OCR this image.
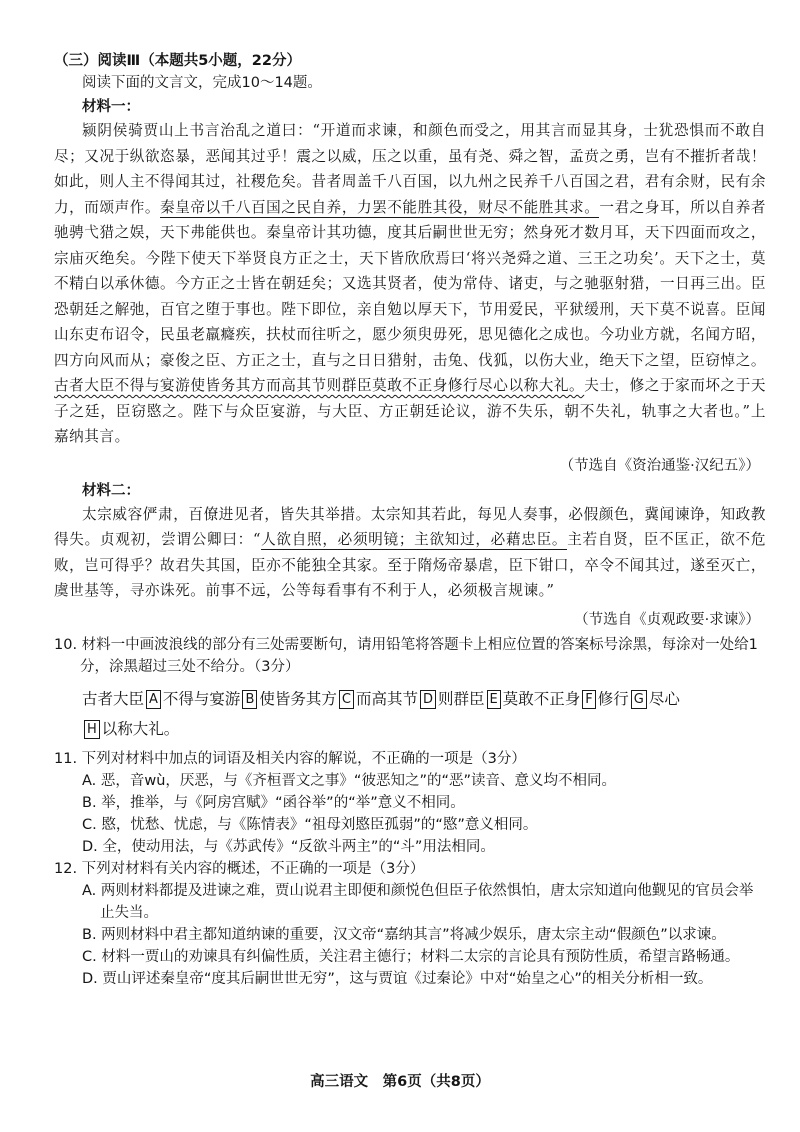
（三）阅读Ⅲ（本题共5小题，22分）
阅读下面的文言文，完成10～14题。
材料一：

颍阴侯骑贾山上书言治乱之道曰：“开道而求谏，和颜色而受之，用其言而显其身，士犹恐惧而不敢自尽；又况于纵欲恣暴，恶闻其过乎！震之以威，压之以重，虽有尧、舜之智，孟贲之勇，岂有不摧折者哉！如此，则人主不得闻其过，社稷危矣。昔者周盖千八百国，以九州之民养千八百国之君，君有余财，民有余力，而颂声作。秦皇帝以千八百国之民自养，力罢不能胜其役，财尽不能胜其求。一君之身耳，所以自养者驰骋弋猎之娱，天下弗能供也。秦皇帝计其功德，度其后嗣世世无穷；然身死才数月耳，天下四面而攻之，宗庙灭绝矣。今陛下使天下举贤良方正之士，天下皆欣欣焉曰‘将兴尧舜之道、三王之功矣’。天下之士，莫不精白以承休德。今方正之士皆在朝廷矣；又选其贤者，使为常侍、诸吏，与之驰驱射猎，一日再三出。臣恐朝廷之解弛，百官之堕于事也。陛下即位，亲自勉以厚天下，节用爱民，平狱缓刑，天下莫不说喜。臣闻山东吏布诏令，民虽老羸癃疾，扶杖而往听之，愿少须臾毋死，思见德化之成也。今功业方就，名闻方昭，四方向风而从；豪俊之臣、方正之士，直与之日日猎射，击兔、伐狐，以伤大业，绝天下之望，臣窃悼之。古者大臣不得与宴游使皆务其方而高其节则群臣莫敢不正身修行尽心以称大礼。夫士，修之于家而坏之于天子之廷，臣窃愍之。陛下与众臣宴游，与大臣、方正朝廷论议，游不失乐，朝不失礼，轨事之大者也。”上嘉纳其言。

（节选自《资治通鉴·汉纪五》）
材料二：

太宗威容俨肃，百僚进见者，皆失其举措。太宗知其若此，每见人奏事，必假颜色，冀闻谏诤，知政教得失。贞观初，尝谓公卿曰：“人欲自照，必须明镜；主欲知过，必藉忠臣。主若自贤，臣不匡正，欲不危败，岂可得乎？故君失其国，臣亦不能独全其家。至于隋炀帝暴虐，臣下钳口，卒令不闻其过，遂至灭亡，虞世基等，寻亦诛死。前事不远，公等每看事有不利于人，必须极言规谏。”

（节选自《贞观政要·求谏》）

10. 材料一中画波浪线的部分有三处需要断句，请用铅笔将答题卡上相应位置的答案标号涂黑，每涂对一处给1分，涂黑超过三处不给分。（3分）

古者大臣 A 不得与宴游 B 使皆务其方 C 而高其节 D 则群臣 E 莫敢不正身 F 修行 G 尽心
H 以称大礼。

11. 下列对材料中加点的词语及相关内容的解说，不正确的一项是（3分）

A. 恶，音wù，厌恶，与《齐桓晋文之事》“彼恶知之”的“恶”读音、意义均不相同。

B. 举，推举，与《阿房宫赋》“函谷举”的“举”意义不相同。

C. 愍，忧愁、忧虑，与《陈情表》“祖母刘愍臣孤弱”的“愍”意义相同。

D. 全，使动用法，与《苏武传》“反欲斗两主”的“斗”用法相同。

12. 下列对材料有关内容的概述，不正确的一项是（3分）

A. 两则材料都提及进谏之难，贾山说君主即便和颜悦色但臣子依然惧怕，唐太宗知道向他觐见的官员会举止失当。

B. 两则材料中君主都知道纳谏的重要，汉文帝“嘉纳其言”将减少娱乐，唐太宗主动“假颜色”以求谏。

C. 材料一贾山的劝谏具有纠偏性质，关注君主德行；材料二太宗的言论具有预防性质，希望言路畅通。

D. 贾山评述秦皇帝“度其后嗣世世无穷”，这与贾谊《过秦论》中对“始皇之心”的相关分析相一致。

高三语文　第6页（共8页）
